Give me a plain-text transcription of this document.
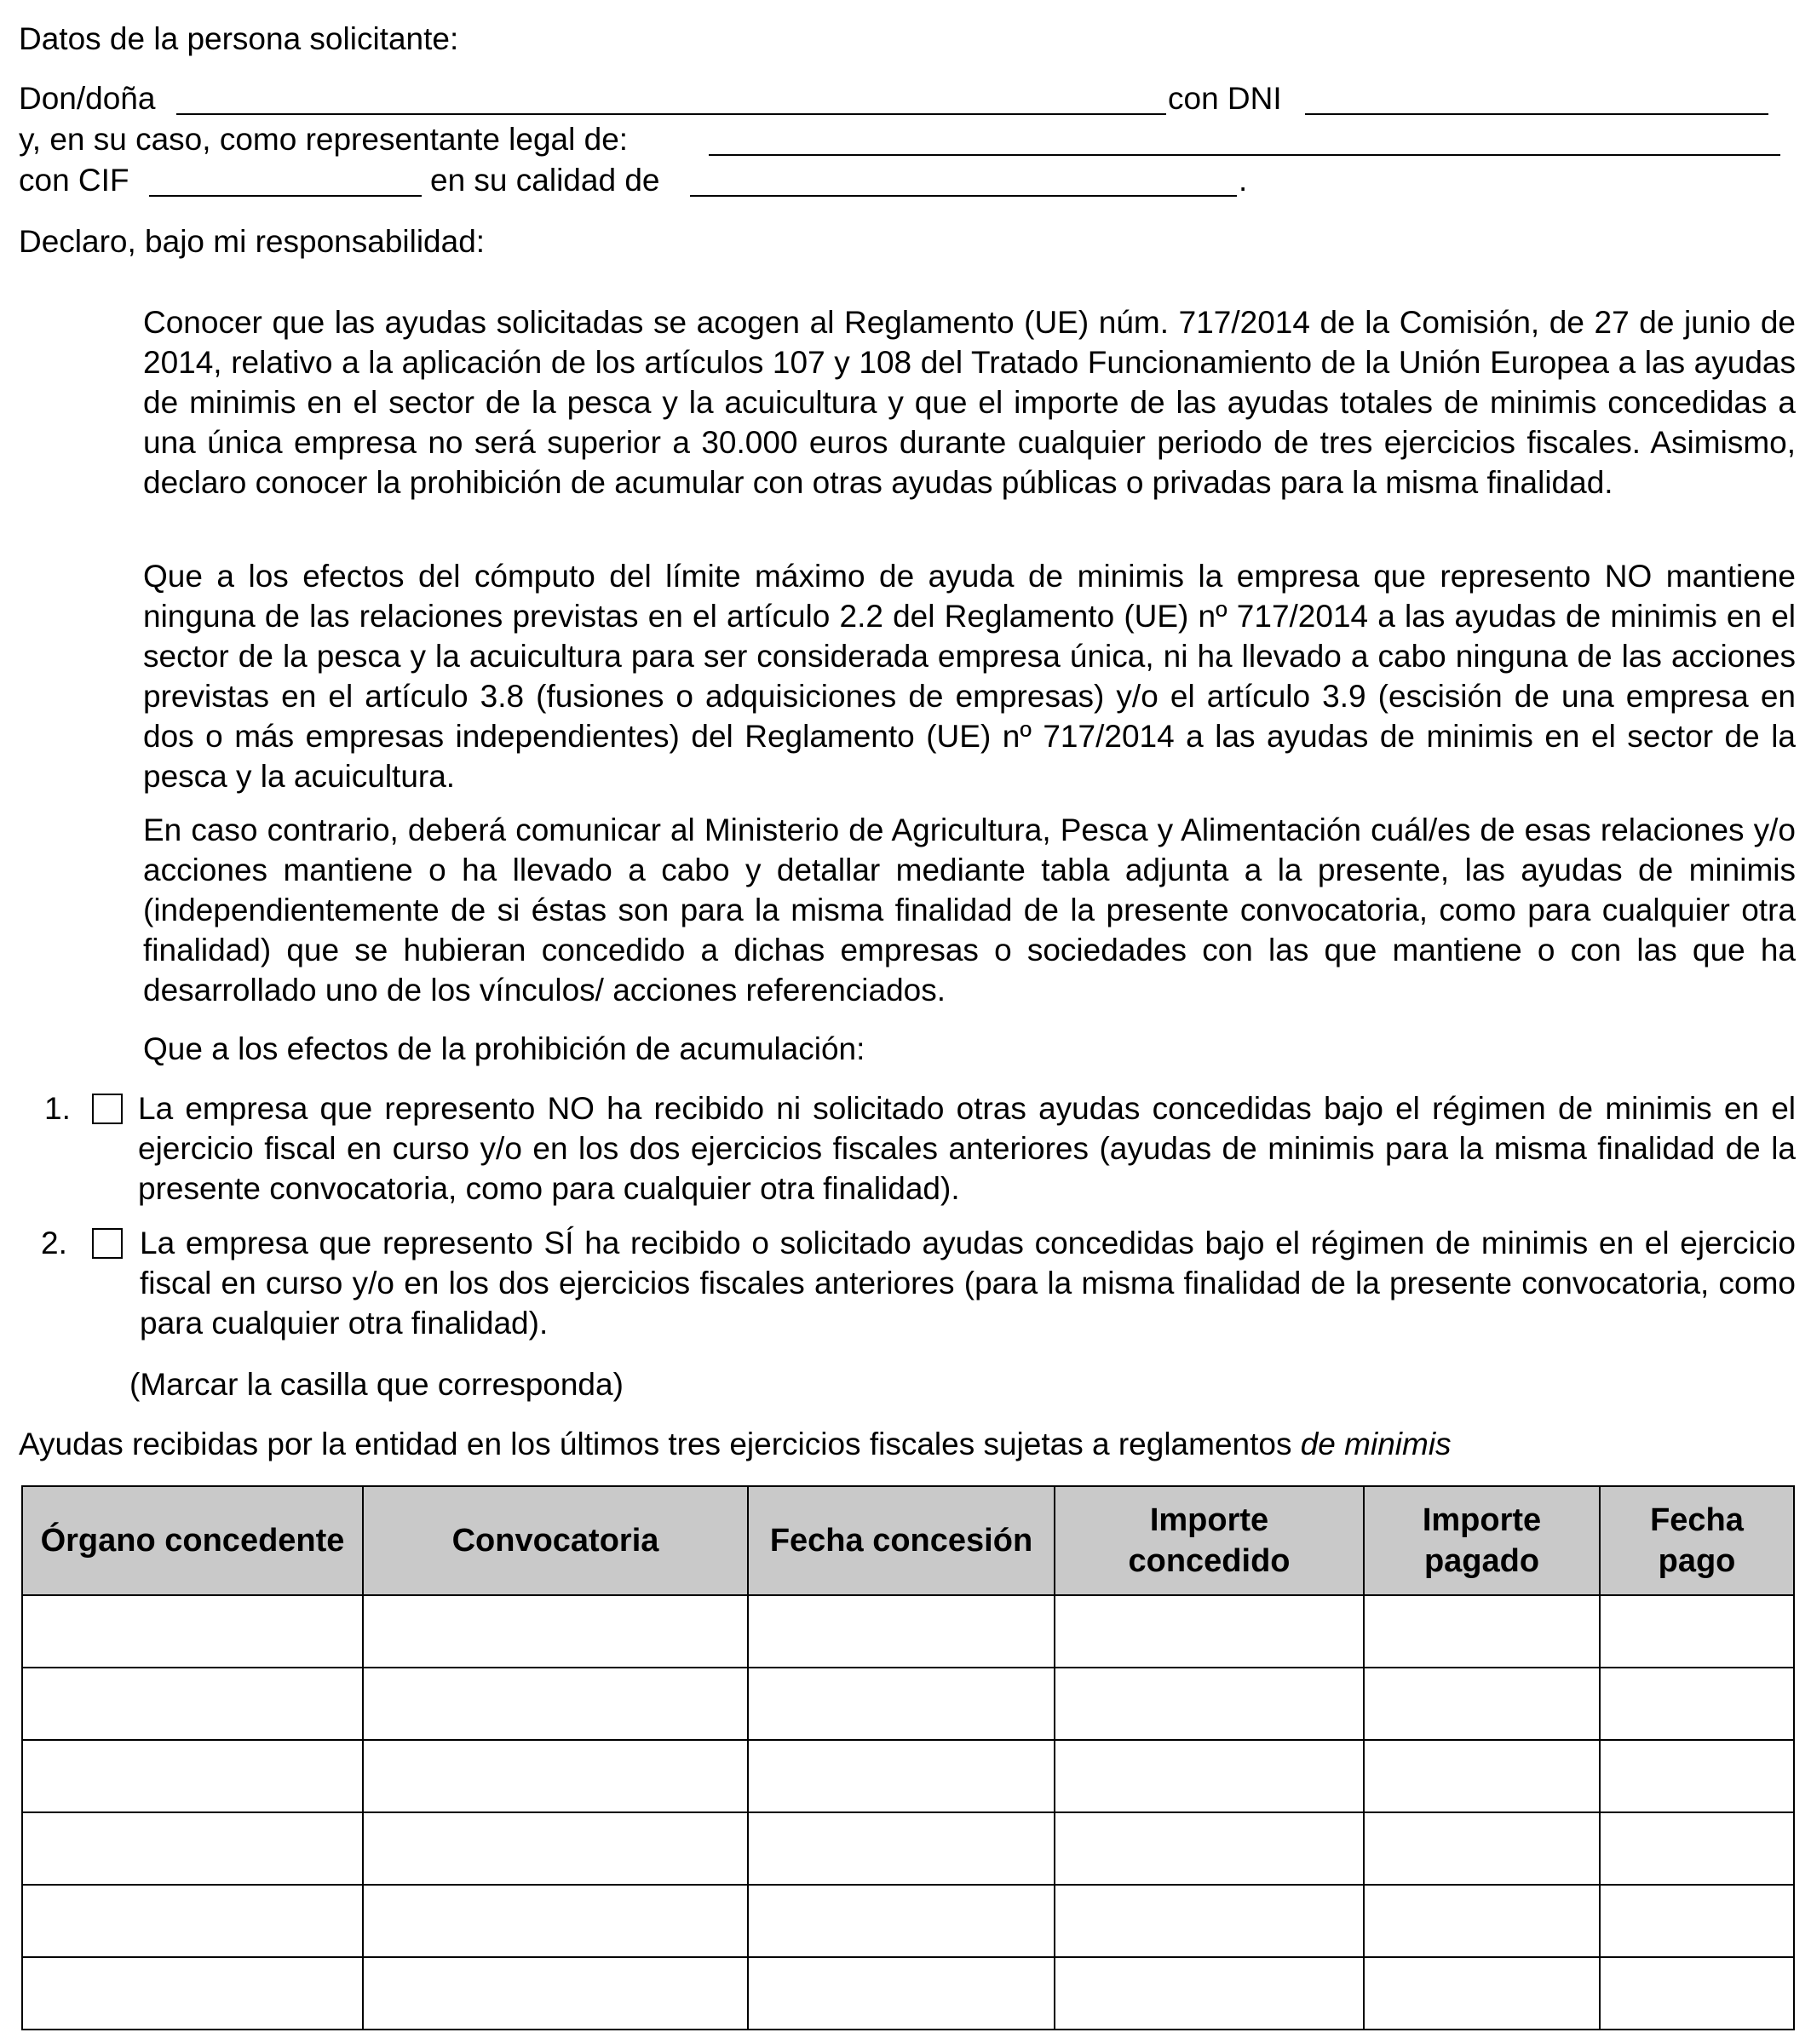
Datos de la persona solicitante:
Don/doña	con DNI
y, en su caso, como representante legal de:
con CIF	en su calidad de	.
Declaro, bajo mi responsabilidad:
Conocer que las ayudas solicitadas se acogen al Reglamento (UE) núm. 717/2014 de la Comisión, de 27 de junio de 2014, relativo a la aplicación de los artículos 107 y 108 del Tratado Funcionamiento de la Unión Europea a las ayudas de minimis en el sector de la pesca y la acuicultura y que el importe de las ayudas totales de minimis concedidas a una única empresa no será superior a 30.000 euros durante cualquier periodo de tres ejercicios fiscales. Asimismo, declaro conocer la prohibición de acumular con otras ayudas públicas o privadas para la misma finalidad.
Que a los efectos del cómputo del límite máximo de ayuda de minimis la empresa que represento NO mantiene ninguna de las relaciones previstas en el artículo 2.2 del Reglamento (UE) nº 717/2014 a las ayudas de minimis en el sector de la pesca y la acuicultura para ser considerada empresa única, ni ha llevado a cabo ninguna de las acciones previstas en el artículo 3.8 (fusiones o adquisiciones de empresas) y/o el artículo 3.9 (escisión de una empresa en dos o más empresas independientes) del Reglamento (UE) nº 717/2014 a las ayudas de minimis en el sector de la pesca y la acuicultura.
En caso contrario, deberá comunicar al Ministerio de Agricultura, Pesca y Alimentación cuál/es de esas relaciones y/o acciones mantiene o ha llevado a cabo y detallar mediante tabla adjunta a la presente, las ayudas de minimis (independientemente de si éstas son para la misma finalidad de la presente convocatoria, como para cualquier otra finalidad) que se hubieran concedido a dichas empresas o sociedades con las que mantiene o con las que ha desarrollado uno de los vínculos/ acciones referenciados.
Que a los efectos de la prohibición de acumulación:
1. La empresa que represento NO ha recibido ni solicitado otras ayudas concedidas bajo el régimen de minimis en el ejercicio fiscal en curso y/o en los dos ejercicios fiscales anteriores (ayudas de minimis para la misma finalidad de la presente convocatoria, como para cualquier otra finalidad).
2. La empresa que represento SÍ ha recibido o solicitado ayudas concedidas bajo el régimen de minimis en el ejercicio fiscal en curso y/o en los dos ejercicios fiscales anteriores (para la misma finalidad de la presente convocatoria, como para cualquier otra finalidad).
(Marcar la casilla que corresponda)
Ayudas recibidas por la entidad en los últimos tres ejercicios fiscales sujetas a reglamentos de minimis
Órgano concedente	Convocatoria	Fecha concesión	Importe concedido	Importe pagado	Fecha pago
